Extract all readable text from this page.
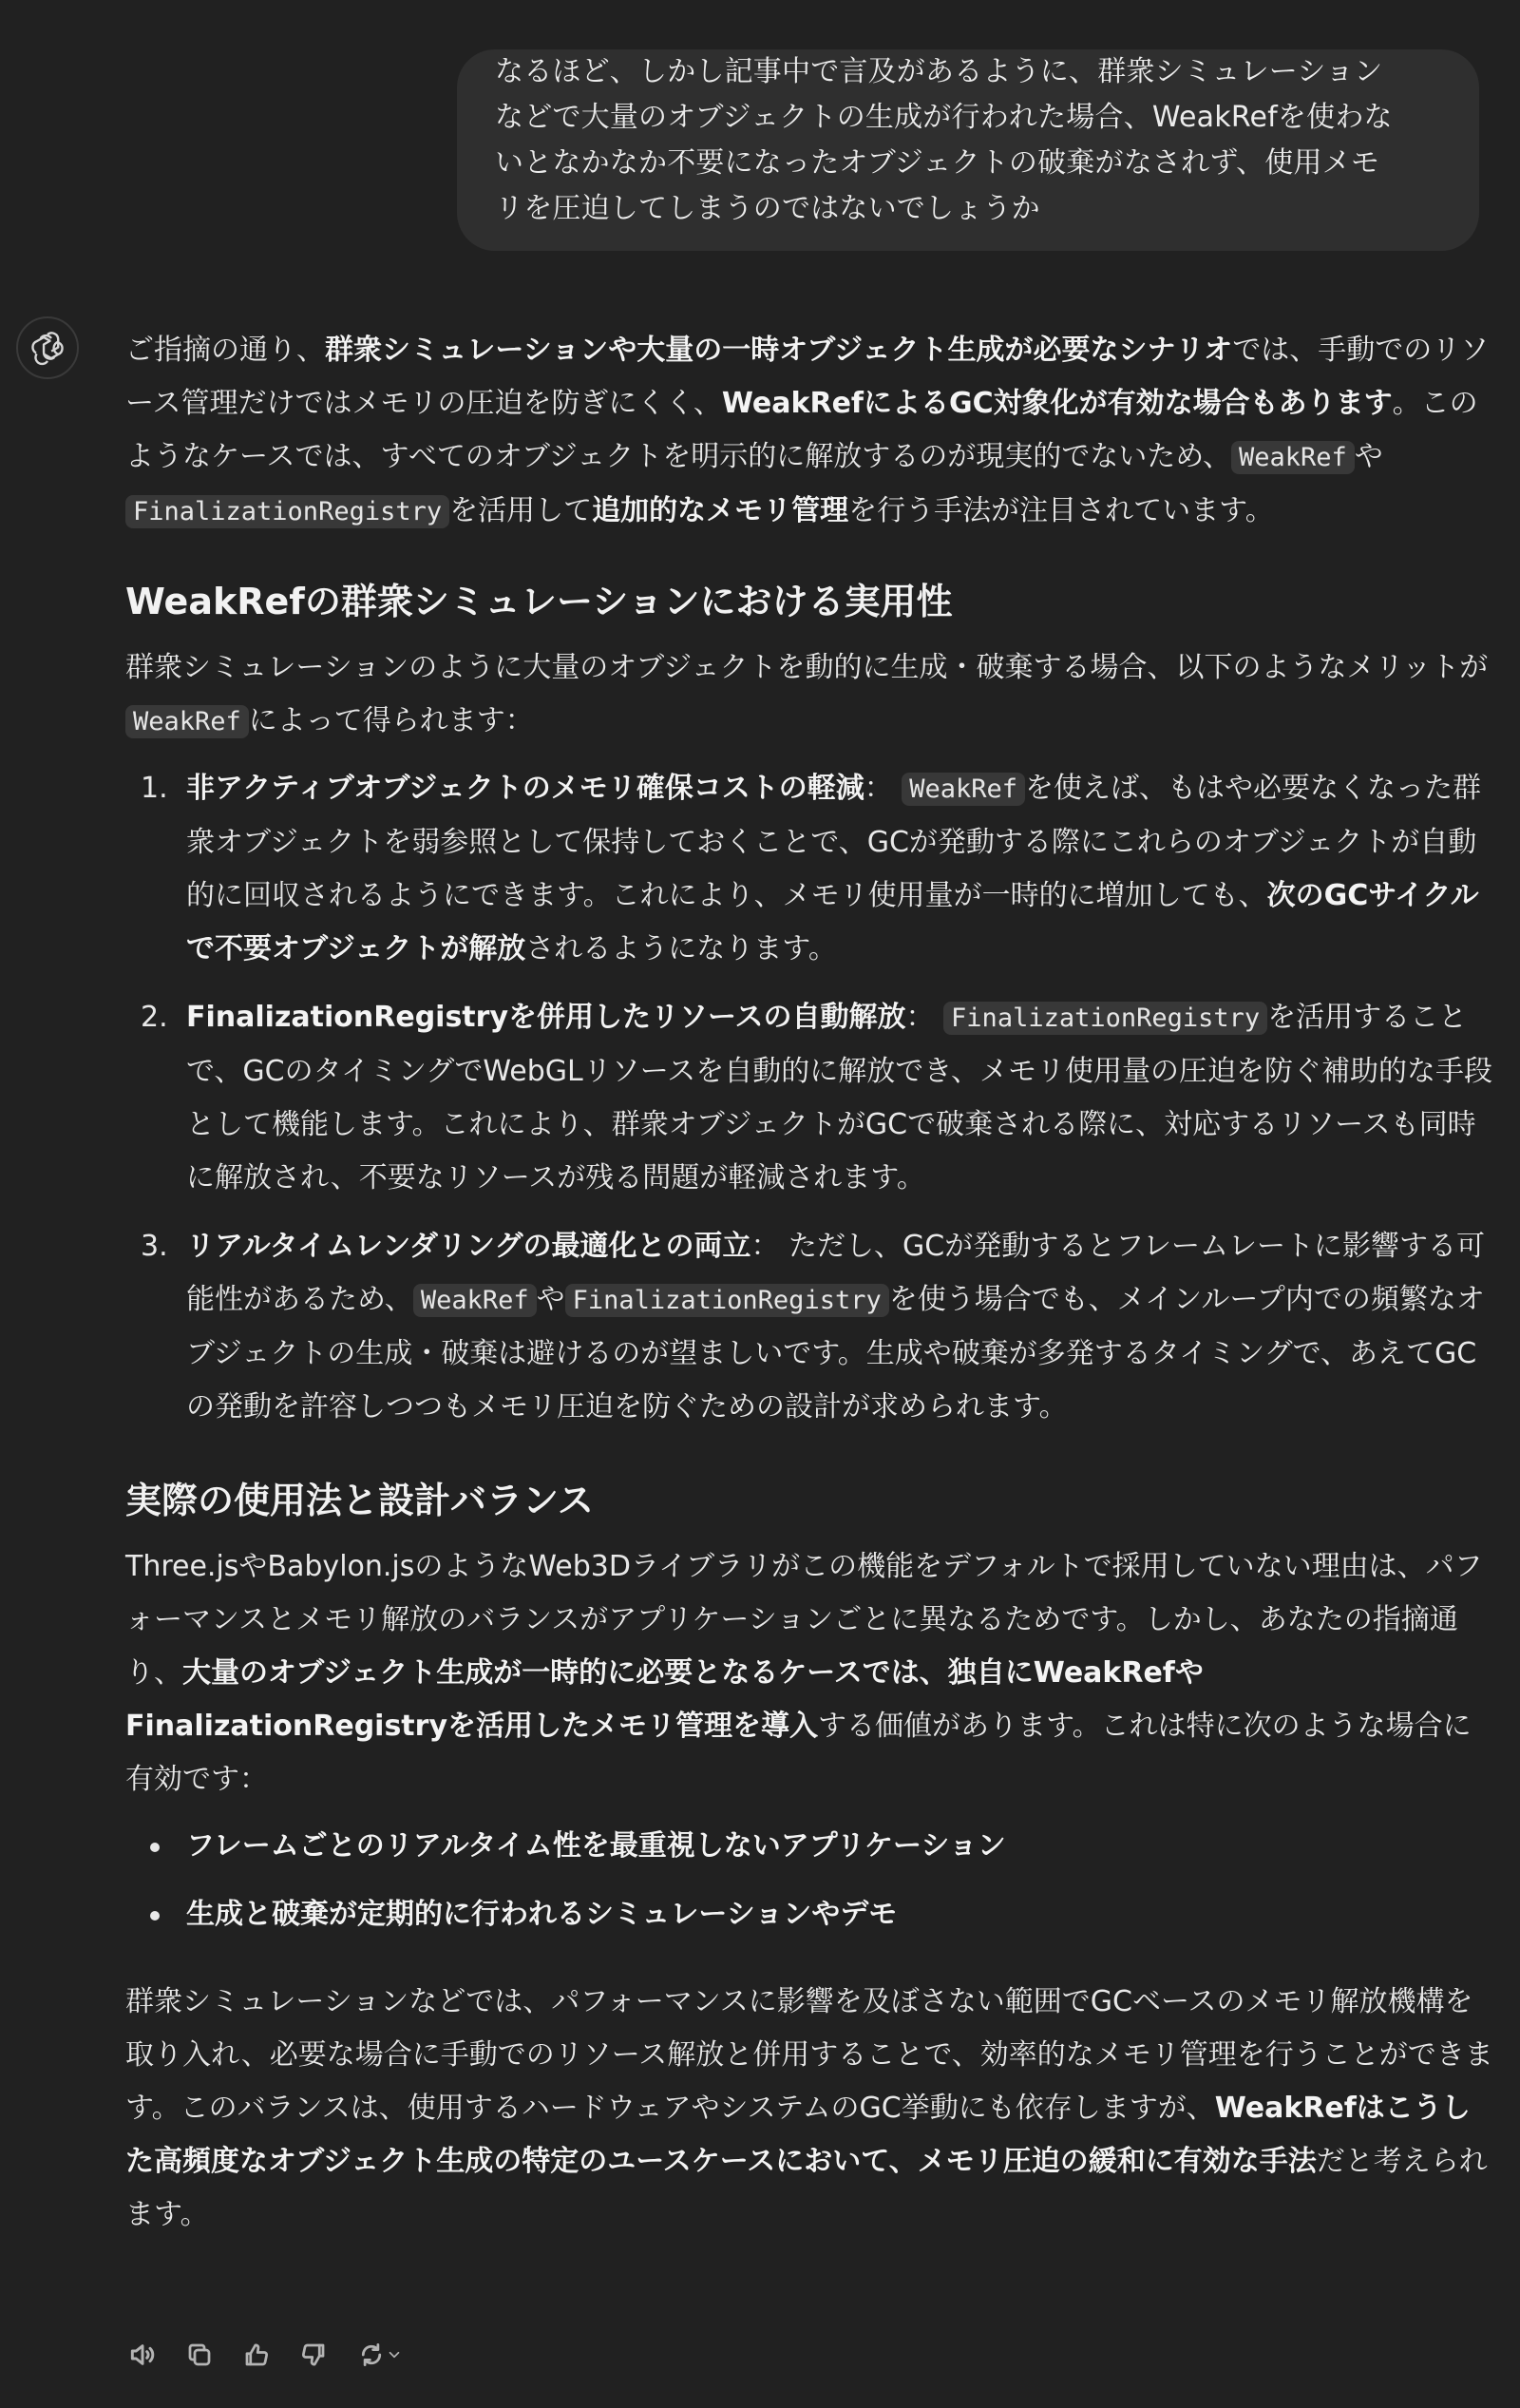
なるほど、しかし記事中で言及があるように、群衆シミュレーション
などで大量のオブジェクトの生成が行われた場合、WeakRefを使わな
いとなかなか不要になったオブジェクトの破棄がなされず、使用メモ
リを圧迫してしまうのではないでしょうか

ご指摘の通り、群衆シミュレーションや大量の一時オブジェクト生成が必要なシナリオでは、手動でのリソース管理だけではメモリの圧迫を防ぎにくく、WeakRefによるGC対象化が有効な場合もあります。このようなケースでは、すべてのオブジェクトを明示的に解放するのが現実的でないため、 WeakRef やFinalizationRegistry を活用して追加的なメモリ管理を行う手法が注目されています。

WeakRefの群衆シミュレーションにおける実用性

群衆シミュレーションのように大量のオブジェクトを動的に生成・破棄する場合、以下のようなメリットがWeakRef によって得られます：

1. 非アクティブオブジェクトのメモリ確保コストの軽減： WeakRef を使えば、もはや必要なくなった群衆オブジェクトを弱参照として保持しておくことで、GCが発動する際にこれらのオブジェクトが自動的に回収されるようにできます。これにより、メモリ使用量が一時的に増加しても、次のGCサイクルで不要オブジェクトが解放されるようになります。
2. FinalizationRegistryを併用したリソースの自動解放： FinalizationRegistry を活用することで、GCのタイミングでWebGLリソースを自動的に解放でき、メモリ使用量の圧迫を防ぐ補助的な手段として機能します。これにより、群衆オブジェクトがGCで破棄される際に、対応するリソースも同時に解放され、不要なリソースが残る問題が軽減されます。
3. リアルタイムレンダリングの最適化との両立： ただし、GCが発動するとフレームレートに影響する可能性があるため、 WeakRef や FinalizationRegistry を使う場合でも、メインループ内での頻繁なオブジェクトの生成・破棄は避けるのが望ましいです。生成や破棄が多発するタイミングで、あえてGCの発動を許容しつつもメモリ圧迫を防ぐための設計が求められます。
実際の使用法と設計バランス

Three.jsやBabylon.jsのようなWeb3Dライブラリがこの機能をデフォルトで採用していない理由は、パフォーマンスとメモリ解放のバランスがアプリケーションごとに異なるためです。しかし、あなたの指摘通り、大量のオブジェクト生成が一時的に必要となるケースでは、独自にWeakRefやFinalizationRegistryを活用したメモリ管理を導入する価値があります。これは特に次のような場合に有効です：

フレームごとのリアルタイム性を最重視しないアプリケーション
生成と破棄が定期的に行われるシミュレーションやデモ

群衆シミュレーションなどでは、パフォーマンスに影響を及ぼさない範囲でGCベースのメモリ解放機構を取り入れ、必要な場合に手動でのリソース解放と併用することで、効率的なメモリ管理を行うことができます。このバランスは、使用するハードウェアやシステムのGC挙動にも依存しますが、WeakRefはこうした高頻度なオブジェクト生成の特定のユースケースにおいて、メモリ圧迫の緩和に有効な手法だと考えられます。
